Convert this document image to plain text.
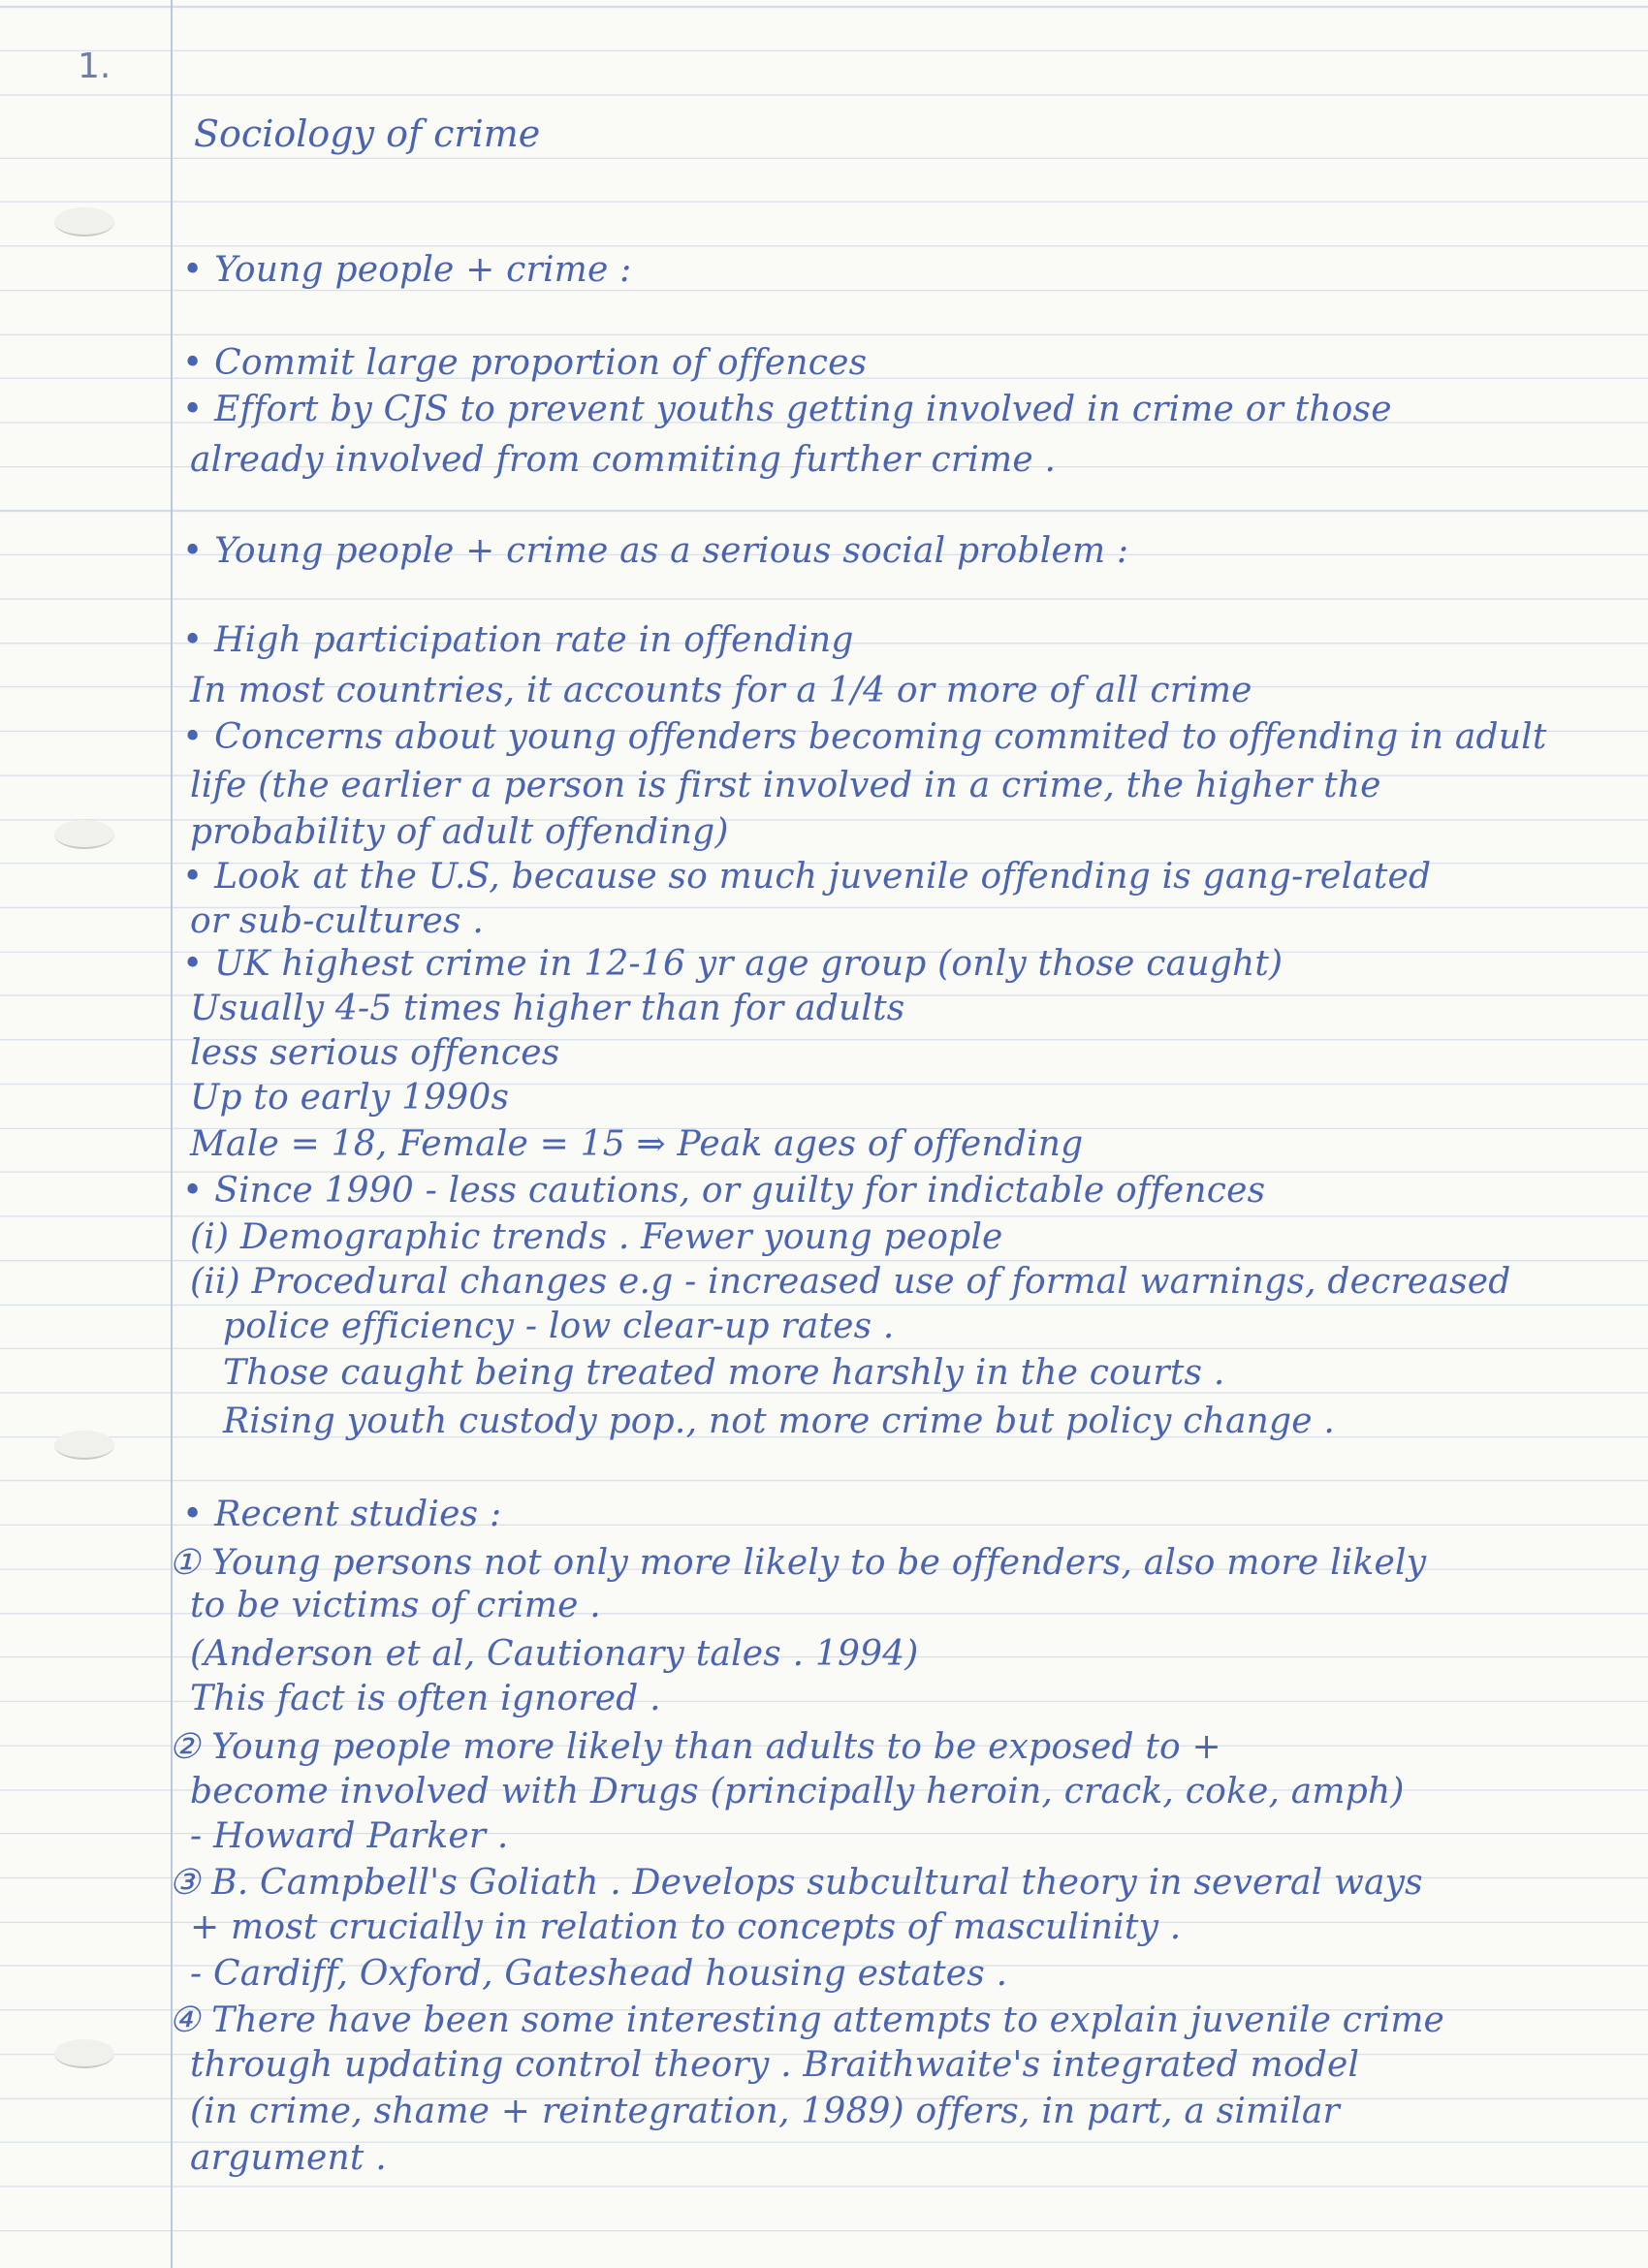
1.
Sociology of crime
• Young people + crime :
• Commit large proportion of offences
• Effort by CJS to prevent youths getting involved in crime or those
already involved from commiting further crime .
• Young people + crime as a serious social problem :
• High participation rate in offending
In most countries, it accounts for a 1/4 or more of all crime
• Concerns about young offenders becoming commited to offending in adult
life (the earlier a person is first involved in a crime, the higher the
probability of adult offending)
• Look at the U.S, because so much juvenile offending is gang-related
or sub-cultures .
• UK highest crime in 12-16 yr age group (only those caught)
Usually 4-5 times higher than for adults
less serious offences
Up to early 1990s
Male = 18, Female = 15 ⇒ Peak ages of offending
• Since 1990 - less cautions, or guilty for indictable offences
(i) Demographic trends . Fewer young people
(ii) Procedural changes e.g - increased use of formal warnings, decreased
police efficiency - low clear-up rates .
Those caught being treated more harshly in the courts .
Rising youth custody pop., not more crime but policy change .
• Recent studies :
① Young persons not only more likely to be offenders, also more likely
to be victims of crime .
(Anderson et al, Cautionary tales . 1994)
This fact is often ignored .
② Young people more likely than adults to be exposed to +
become involved with Drugs (principally heroin, crack, coke, amph)
- Howard Parker .
③ B. Campbell's Goliath . Develops subcultural theory in several ways
+ most crucially in relation to concepts of masculinity .
- Cardiff, Oxford, Gateshead housing estates .
④ There have been some interesting attempts to explain juvenile crime
through updating control theory . Braithwaite's integrated model
(in crime, shame + reintegration, 1989) offers, in part, a similar
argument .
